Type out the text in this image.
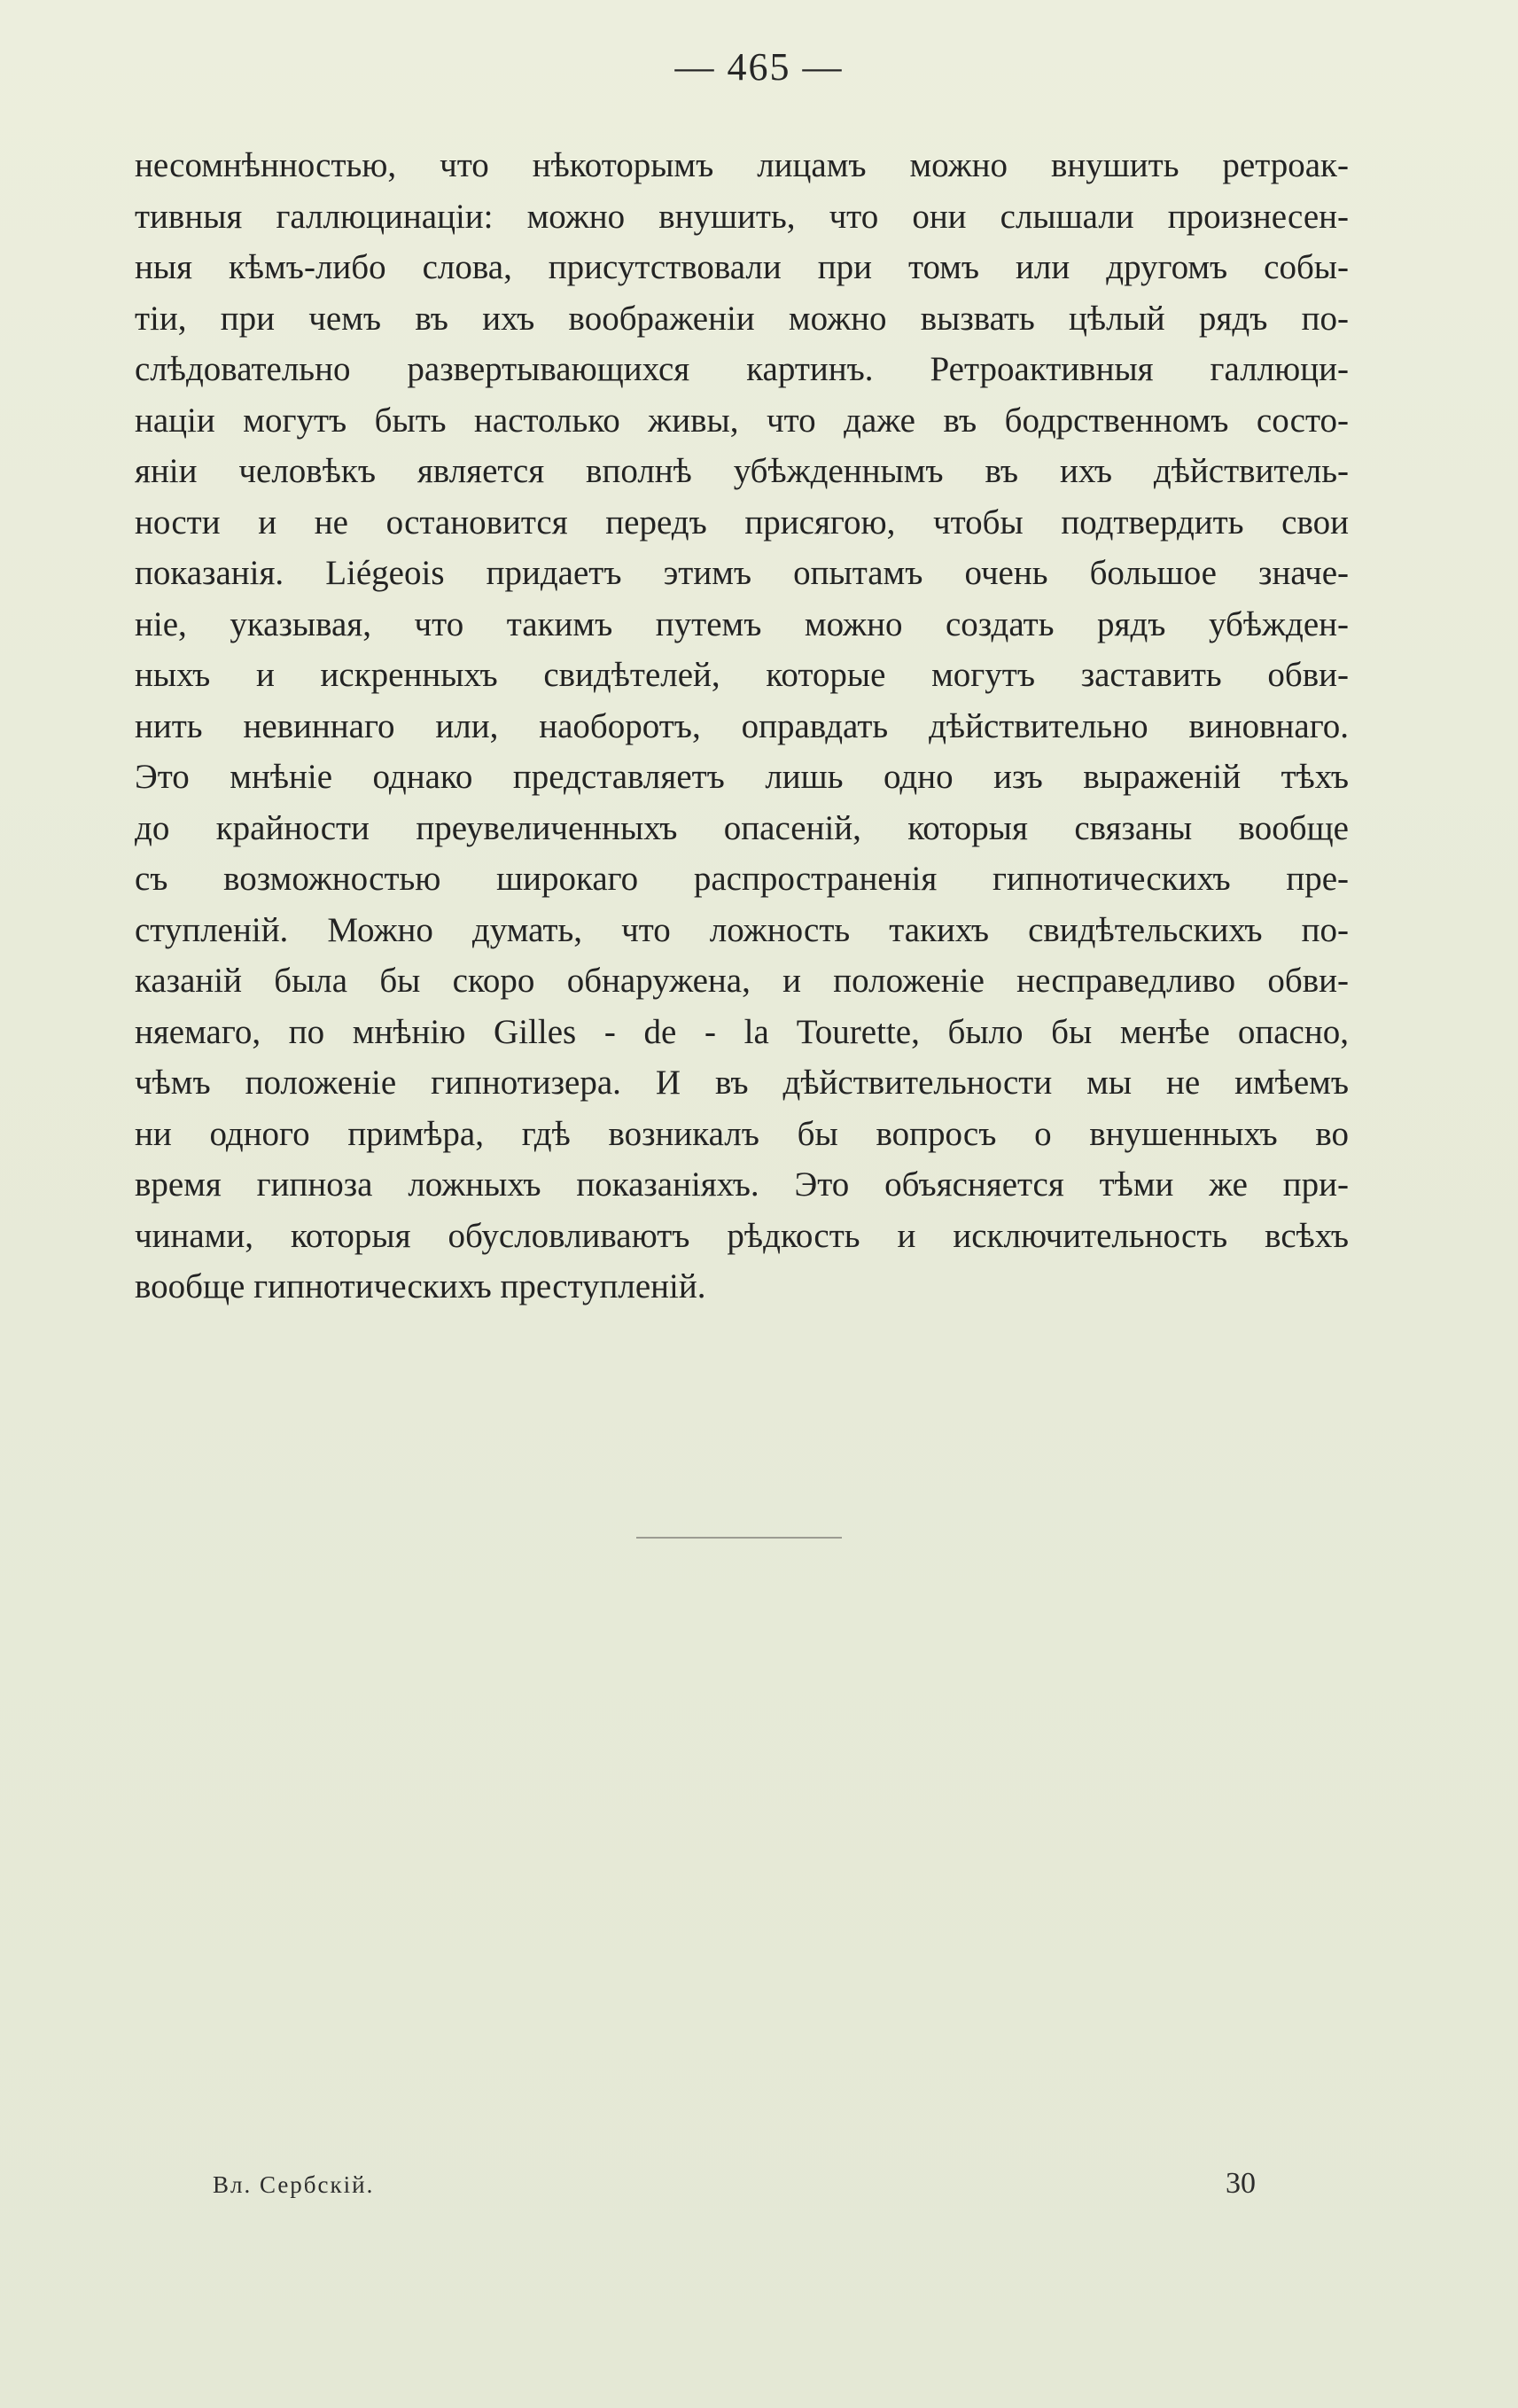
— 465 —
несомнѣнностью, что нѣкоторымъ лицамъ можно внушить ретроак-
тивныя галлюцинаціи: можно внушить, что они слышали произнесен-
ныя кѣмъ-либо слова, присутствовали при томъ или другомъ собы-
тіи, при чемъ въ ихъ воображеніи можно вызвать цѣлый рядъ по-
слѣдовательно развертывающихся картинъ. Ретроактивныя галлюци-
націи могутъ быть настолько живы, что даже въ бодрственномъ состо-
яніи человѣкъ является вполнѣ убѣжденнымъ въ ихъ дѣйствитель-
ности и не остановится передъ присягою, чтобы подтвердить свои
показанія. Liégeois придаетъ этимъ опытамъ очень большое значе-
ніе, указывая, что такимъ путемъ можно создать рядъ убѣжден-
ныхъ и искренныхъ свидѣтелей, которые могутъ заставить обви-
нить невиннаго или, наоборотъ, оправдать дѣйствительно виновнаго.
Это мнѣніе однако представляетъ лишь одно изъ выраженій тѣхъ
до крайности преувеличенныхъ опасеній, которыя связаны вообще
съ возможностью широкаго распространенія гипнотическихъ пре-
ступленій. Можно думать, что ложность такихъ свидѣтельскихъ по-
казаній была бы скоро обнаружена, и положеніе несправедливо обви-
няемаго, по мнѣнію Gilles - de - la Tourette, было бы менѣе опасно,
чѣмъ положеніе гипнотизера. И въ дѣйствительности мы не имѣемъ
ни одного примѣра, гдѣ возникалъ бы вопросъ о внушенныхъ во
время гипноза ложныхъ показаніяхъ. Это объясняется тѣми же при-
чинами, которыя обусловливаютъ рѣдкость и исключительность всѣхъ
вообще гипнотическихъ преступленій.
Вл. Сербскій.	30
